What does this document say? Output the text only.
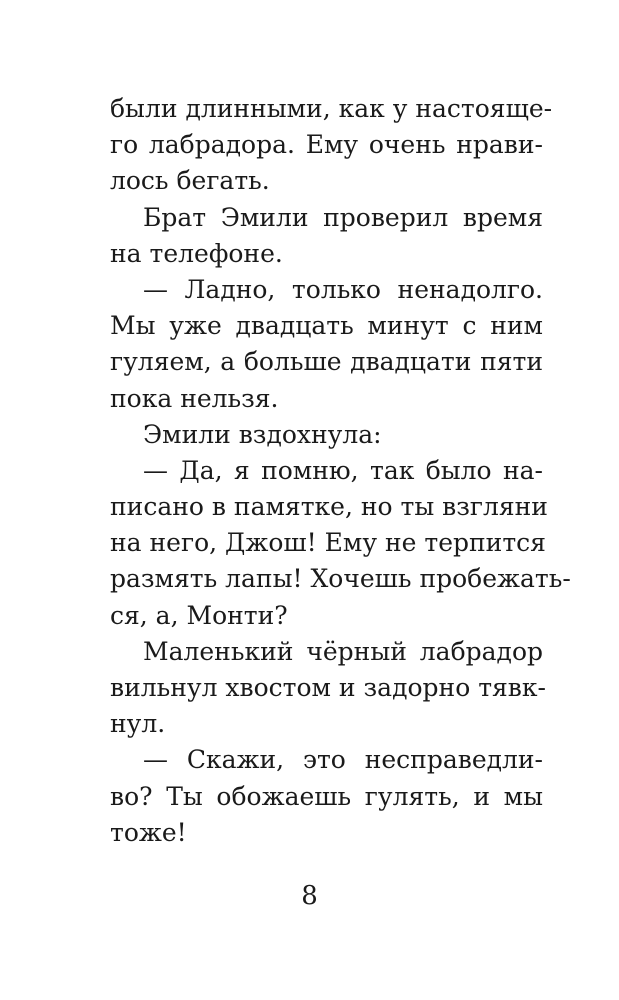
были длинными, как у настояще-
го лабрадора. Ему очень нрави-
лось бегать.
Брат Эмили проверил время
на телефоне.
— Ладно, только ненадолго.
Мы уже двадцать минут с ним
гуляем, а больше двадцати пяти
пока нельзя.
Эмили вздохнула:
— Да, я помню, так было на-
писано в памятке, но ты взгляни
на него, Джош! Ему не терпится
размять лапы! Хочешь пробежать-
ся, а, Монти?
Маленький чёрный лабрадор
вильнул хвостом и задорно тявк-
нул.
— Скажи, это несправедли-
во? Ты обожаешь гулять, и мы
тоже!
8
